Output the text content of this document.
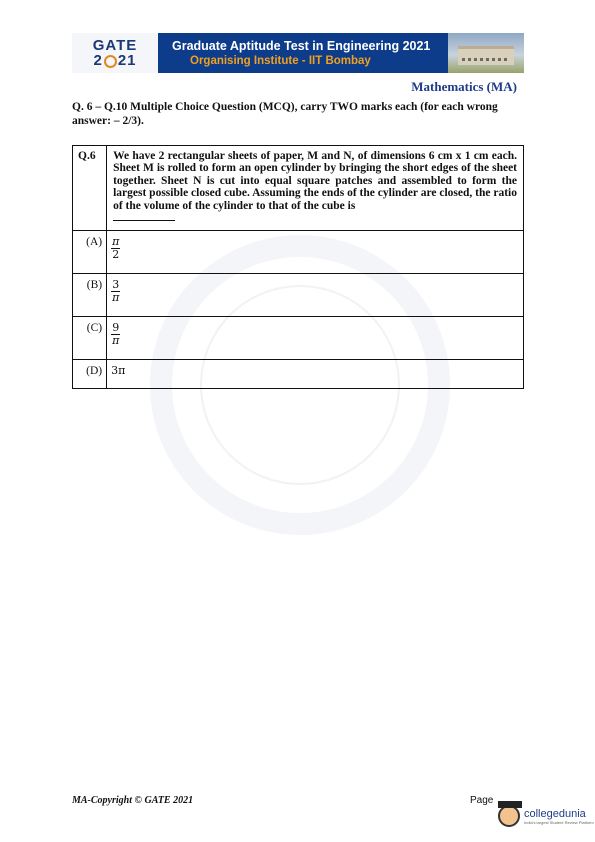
GATE
2 21
Graduate Aptitude Test in Engineering 2021
Organising Institute - IIT Bombay
Mathematics (MA)
Q. 6 – Q.10 Multiple Choice Question (MCQ), carry TWO marks each (for each wrong answer: – 2/3).
Q.6	We have 2 rectangular sheets of paper, M and N, of dimensions 6 cm x 1 cm each. Sheet M is rolled to form an open cylinder by bringing the short edges of the sheet together. Sheet N is cut into equal square patches and assembled to form the largest possible closed cube. Assuming the ends of the cylinder are closed, the ratio of the volume of the cylinder to that of the cube is

(A)	$\frac{\pi}{2}$

(B)	$\frac{3}{\pi}$

(C)	$\frac{9}{\pi}$

(D)	3π
MA-Copyright © GATE 2021	Page
collegedunia
India's largest Student Review Platform
